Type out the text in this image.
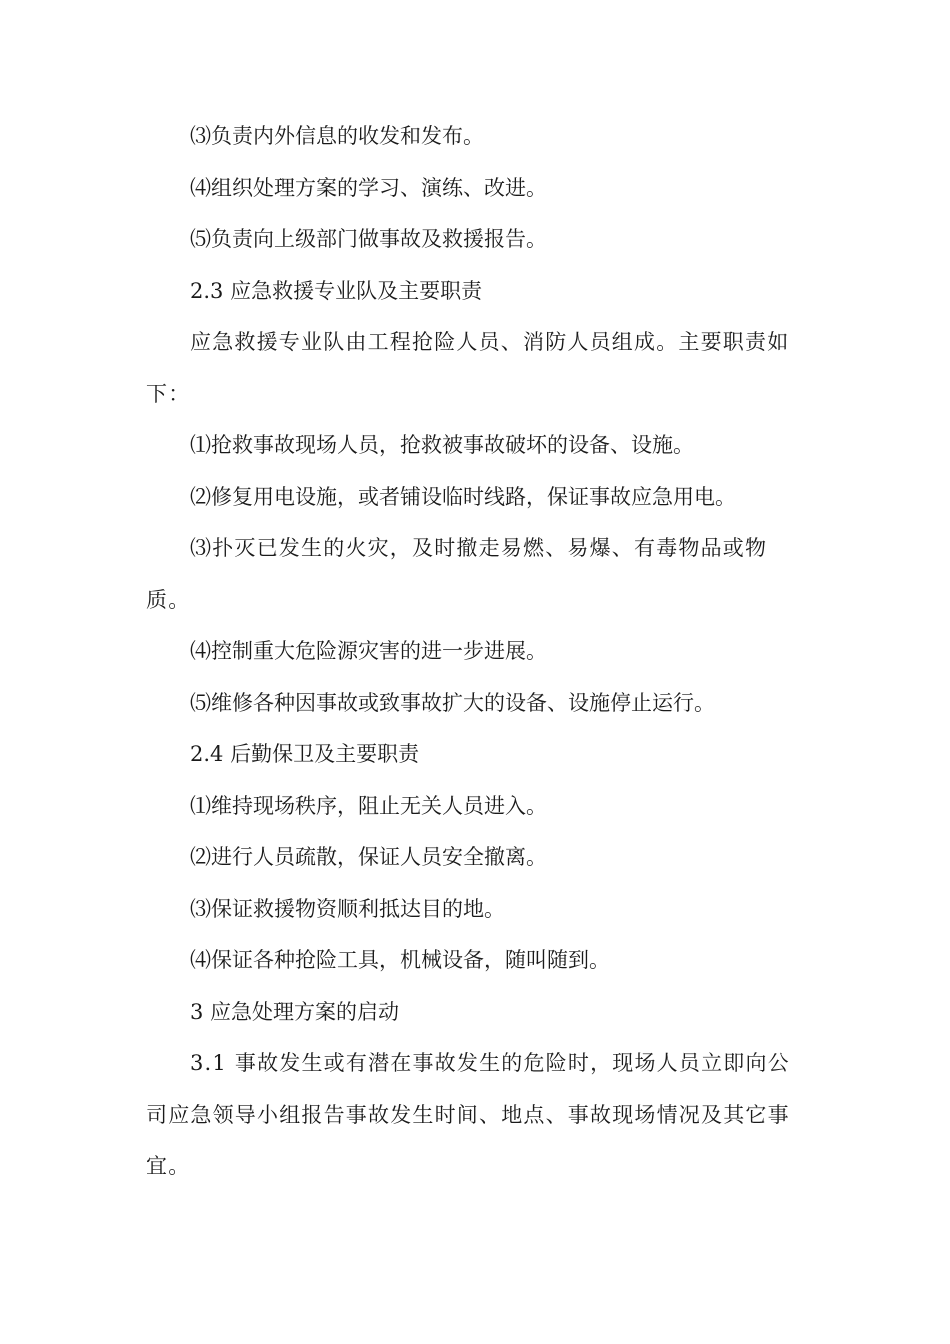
⑶负责内外信息的收发和发布。

⑷组织处理方案的学习、演练、改进。

⑸负责向上级部门做事故及救援报告。

2.3 应急救援专业队及主要职责

应急救援专业队由工程抢险人员、消防人员组成。主要职责如下：

⑴抢救事故现场人员，抢救被事故破坏的设备、设施。

⑵修复用电设施，或者铺设临时线路，保证事故应急用电。

⑶扑灭已发生的火灾，及时撤走易燃、易爆、有毒物品或物质。

⑷控制重大危险源灾害的进一步进展。

⑸维修各种因事故或致事故扩大的设备、设施停止运行。

2.4 后勤保卫及主要职责

⑴维持现场秩序，阻止无关人员进入。

⑵进行人员疏散，保证人员安全撤离。

⑶保证救援物资顺利抵达目的地。

⑷保证各种抢险工具，机械设备，随叫随到。

3 应急处理方案的启动

3.1 事故发生或有潜在事故发生的危险时，现场人员立即向公司应急领导小组报告事故发生时间、地点、事故现场情况及其它事宜。
